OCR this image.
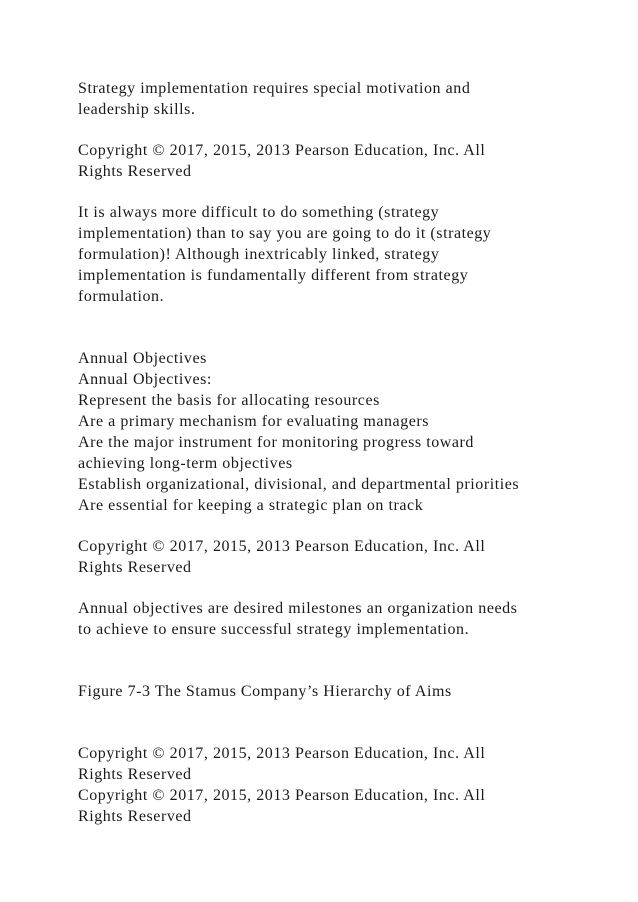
Strategy implementation requires special motivation and
leadership skills.
Copyright © 2017, 2015, 2013 Pearson Education, Inc. All
Rights Reserved
It is always more difficult to do something (strategy
implementation) than to say you are going to do it (strategy
formulation)! Although inextricably linked, strategy
implementation is fundamentally different from strategy
formulation.
Annual Objectives
Annual Objectives:
Represent the basis for allocating resources
Are a primary mechanism for evaluating managers
Are the major instrument for monitoring progress toward
achieving long-term objectives
Establish organizational, divisional, and departmental priorities
Are essential for keeping a strategic plan on track
Copyright © 2017, 2015, 2013 Pearson Education, Inc. All
Rights Reserved
Annual objectives are desired milestones an organization needs
to achieve to ensure successful strategy implementation.
Figure 7-3 The Stamus Company’s Hierarchy of Aims
Copyright © 2017, 2015, 2013 Pearson Education, Inc. All
Rights Reserved
Copyright © 2017, 2015, 2013 Pearson Education, Inc. All
Rights Reserved
